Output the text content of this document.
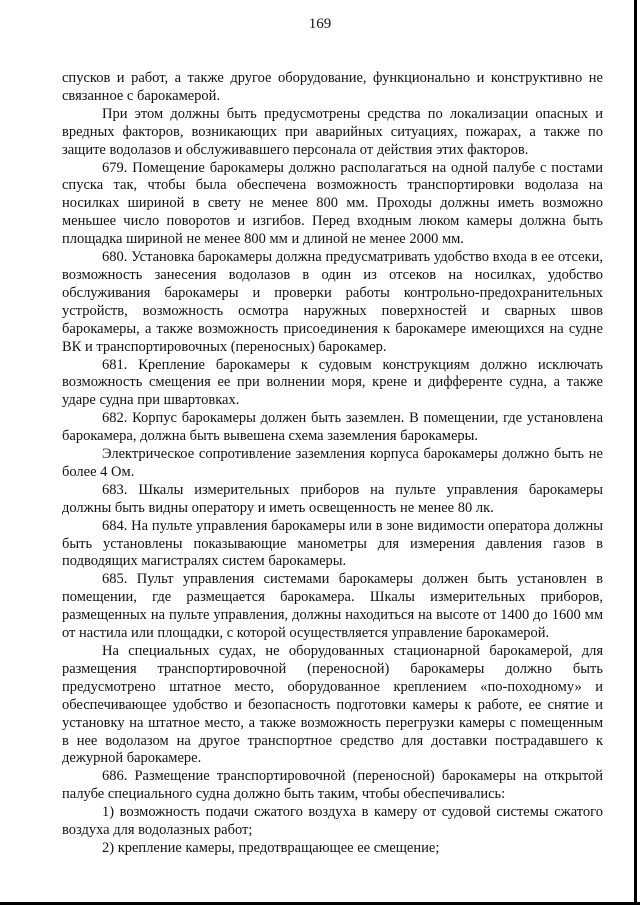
169

спусков и работ, а также другое оборудование, функционально и конструктивно не связанное с барокамерой.

При этом должны быть предусмотрены средства по локализации опасных и вредных факторов, возникающих при аварийных ситуациях, пожарах, а также по защите водолазов и обслуживавшего персонала от действия этих факторов.

679. Помещение барокамеры должно располагаться на одной палубе с постами спуска так, чтобы была обеспечена возможность транспортировки водолаза на носилках шириной в свету не менее 800 мм. Проходы должны иметь возможно меньшее число поворотов и изгибов. Перед входным люком камеры должна быть площадка шириной не менее 800 мм и длиной не менее 2000 мм.

680. Установка барокамеры должна предусматривать удобство входа в ее отсеки, возможность занесения водолазов в один из отсеков на носилках, удобство обслуживания барокамеры и проверки работы контрольно-предохранительных устройств, возможность осмотра наружных поверхностей и сварных швов барокамеры, а также возможность присоединения к барокамере имеющихся на судне ВК и транспортировочных (переносных) барокамер.

681. Крепление барокамеры к судовым конструкциям должно исключать возможность смещения ее при волнении моря, крене и дифференте судна, а также ударе судна при швартовках.

682. Корпус барокамеры должен быть заземлен. В помещении, где установлена барокамера, должна быть вывешена схема заземления барокамеры.

Электрическое сопротивление заземления корпуса барокамеры должно быть не более 4 Ом.

683. Шкалы измерительных приборов на пульте управления барокамеры должны быть видны оператору и иметь освещенность не менее 80 лк.

684. На пульте управления барокамеры или в зоне видимости оператора должны быть установлены показывающие манометры для измерения давления газов в подводящих магистралях систем барокамеры.

685. Пульт управления системами барокамеры должен быть установлен в помещении, где размещается барокамера. Шкалы измерительных приборов, размещенных на пульте управления, должны находиться на высоте от 1400 до 1600 мм от настила или площадки, с которой осуществляется управление барокамерой.

На специальных судах, не оборудованных стационарной барокамерой, для размещения транспортировочной (переносной) барокамеры должно быть предусмотрено штатное место, оборудованное креплением «по-походному» и обеспечивающее удобство и безопасность подготовки камеры к работе, ее снятие и установку на штатное место, а также возможность перегрузки камеры с помещенным в нее водолазом на другое транспортное средство для доставки пострадавшего к дежурной барокамере.

686. Размещение транспортировочной (переносной) барокамеры на открытой палубе специального судна должно быть таким, чтобы обеспечивались:

1) возможность подачи сжатого воздуха в камеру от судовой системы сжатого воздуха для водолазных работ;

2) крепление камеры, предотвращающее ее смещение;
